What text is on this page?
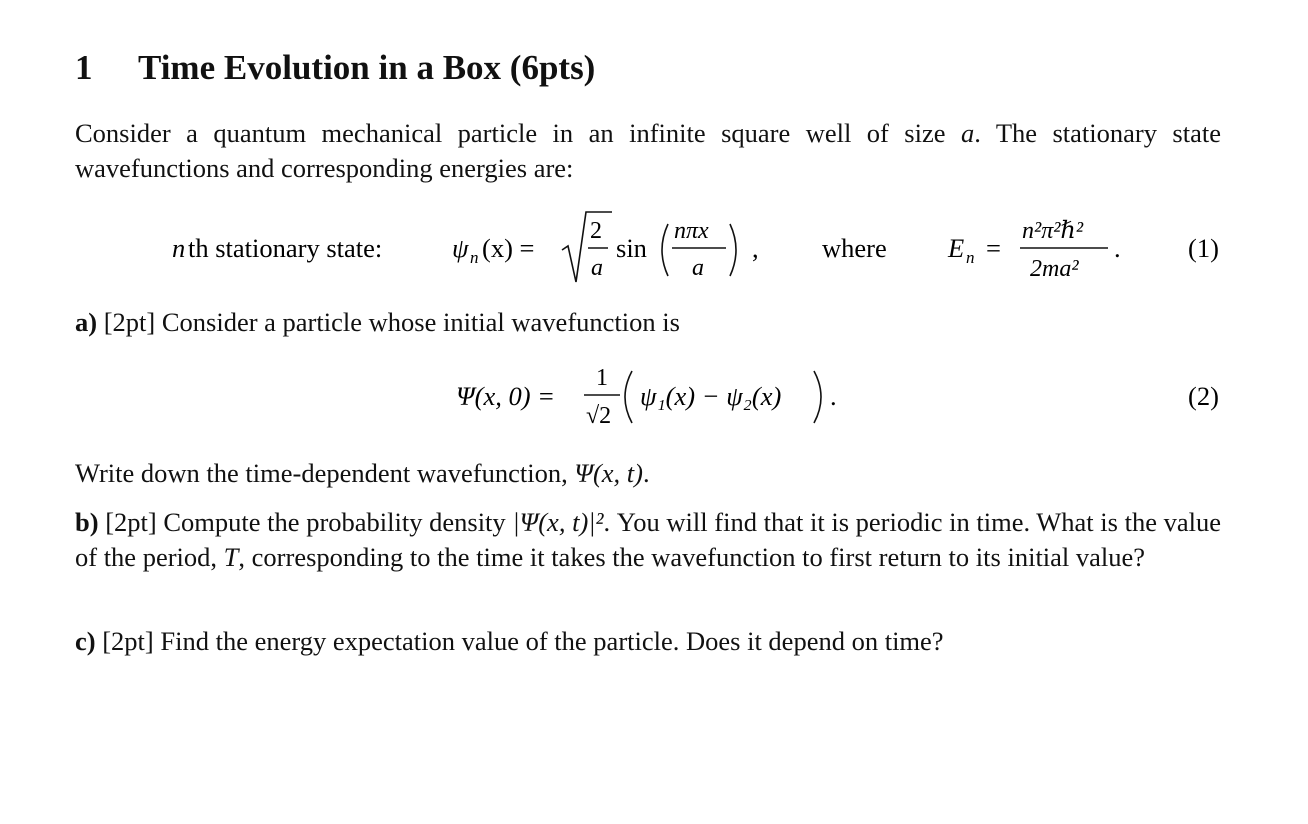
1 Time Evolution in a Box (6pts)
Consider a quantum mechanical particle in an infinite square well of size a. The stationary state wavefunctions and corresponding energies are:
n th stationary state:	ψ n (x) =
2
a
sin
nπx
a
, where E n =
n²π²ℏ²
2ma²
.	(1)
a) [2pt] Consider a particle whose initial wavefunction is
Ψ(x, 0) =
1
√2
ψ₁(x) − ψ₂(x) .	(2)
Write down the time-dependent wavefunction, Ψ(x, t).
b) [2pt] Compute the probability density |Ψ(x, t)|². You will find that it is periodic in time. What is the value of the period, T, corresponding to the time it takes the wavefunction to first return to its initial value?
c) [2pt] Find the energy expectation value of the particle. Does it depend on time?
